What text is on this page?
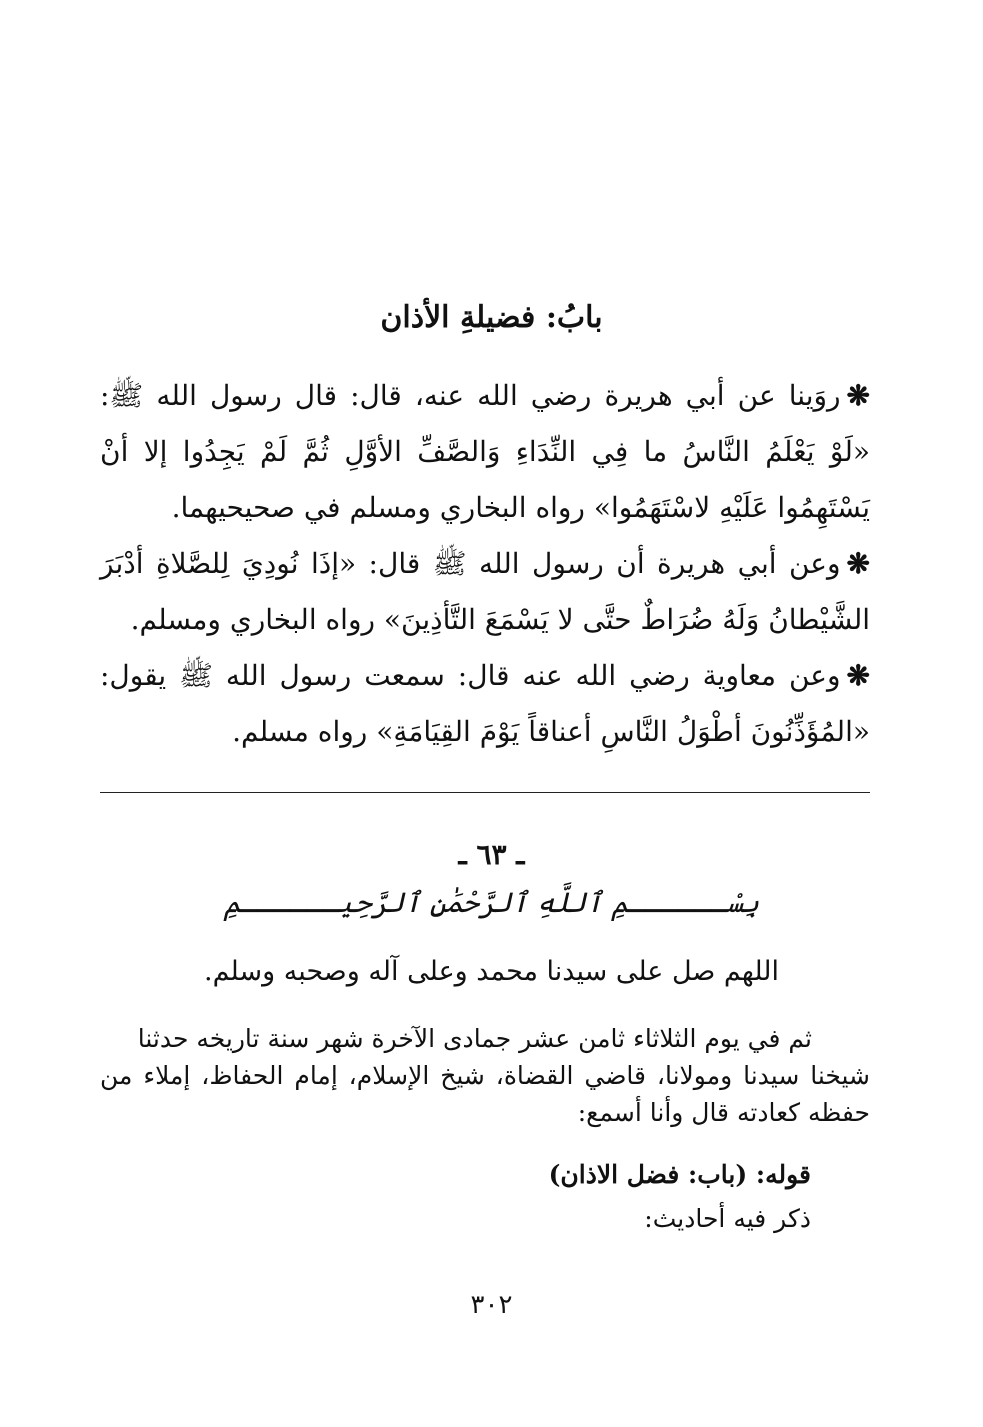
بابُ: فضيلةِ الأذان
❋روَينا عن أبي هريرة رضي الله عنه، قال: قال رسول الله ﷺ: «لَوْ يَعْلَمُ النَّاسُ ما فِي النِّدَاءِ وَالصَّفِّ الأوَّلِ ثُمَّ لَمْ يَجِدُوا إلا أنْ يَسْتَهِمُوا عَلَيْهِ لاسْتَهَمُوا» رواه البخاري ومسلم في صحيحيهما.
❋وعن أبي هريرة أن رسول الله ﷺ قال: «إذَا نُودِيَ لِلصَّلاةِ أدْبَرَ الشَّيْطانُ وَلَهُ ضُرَاطٌ حتَّى لا يَسْمَعَ التَّأذِينَ» رواه البخاري ومسلم.
❋وعن معاوية رضي الله عنه قال: سمعت رسول الله ﷺ يقول: «المُؤَذِّنُونَ أطْوَلُ النَّاسِ أعناقاً يَوْمَ القِيَامَةِ» رواه مسلم.
ـ ٦٣ ـ
بِسْــــــمِ ٱللَّهِ ٱلرَّحْمَٰنِ ٱلرَّحِيــــــمِ
اللهم صل على سيدنا محمد وعلى آله وصحبه وسلم.
ثم في يوم الثلاثاء ثامن عشر جمادى الآخرة شهر سنة تاريخه حدثنا
شيخنا سيدنا ومولانا، قاضي القضاة، شيخ الإسلام، إمام الحفاظ، إملاء من حفظه كعادته قال وأنا أسمع:
قوله: (باب: فضل الاذان)
ذكر فيه أحاديث:
٣٠٢
